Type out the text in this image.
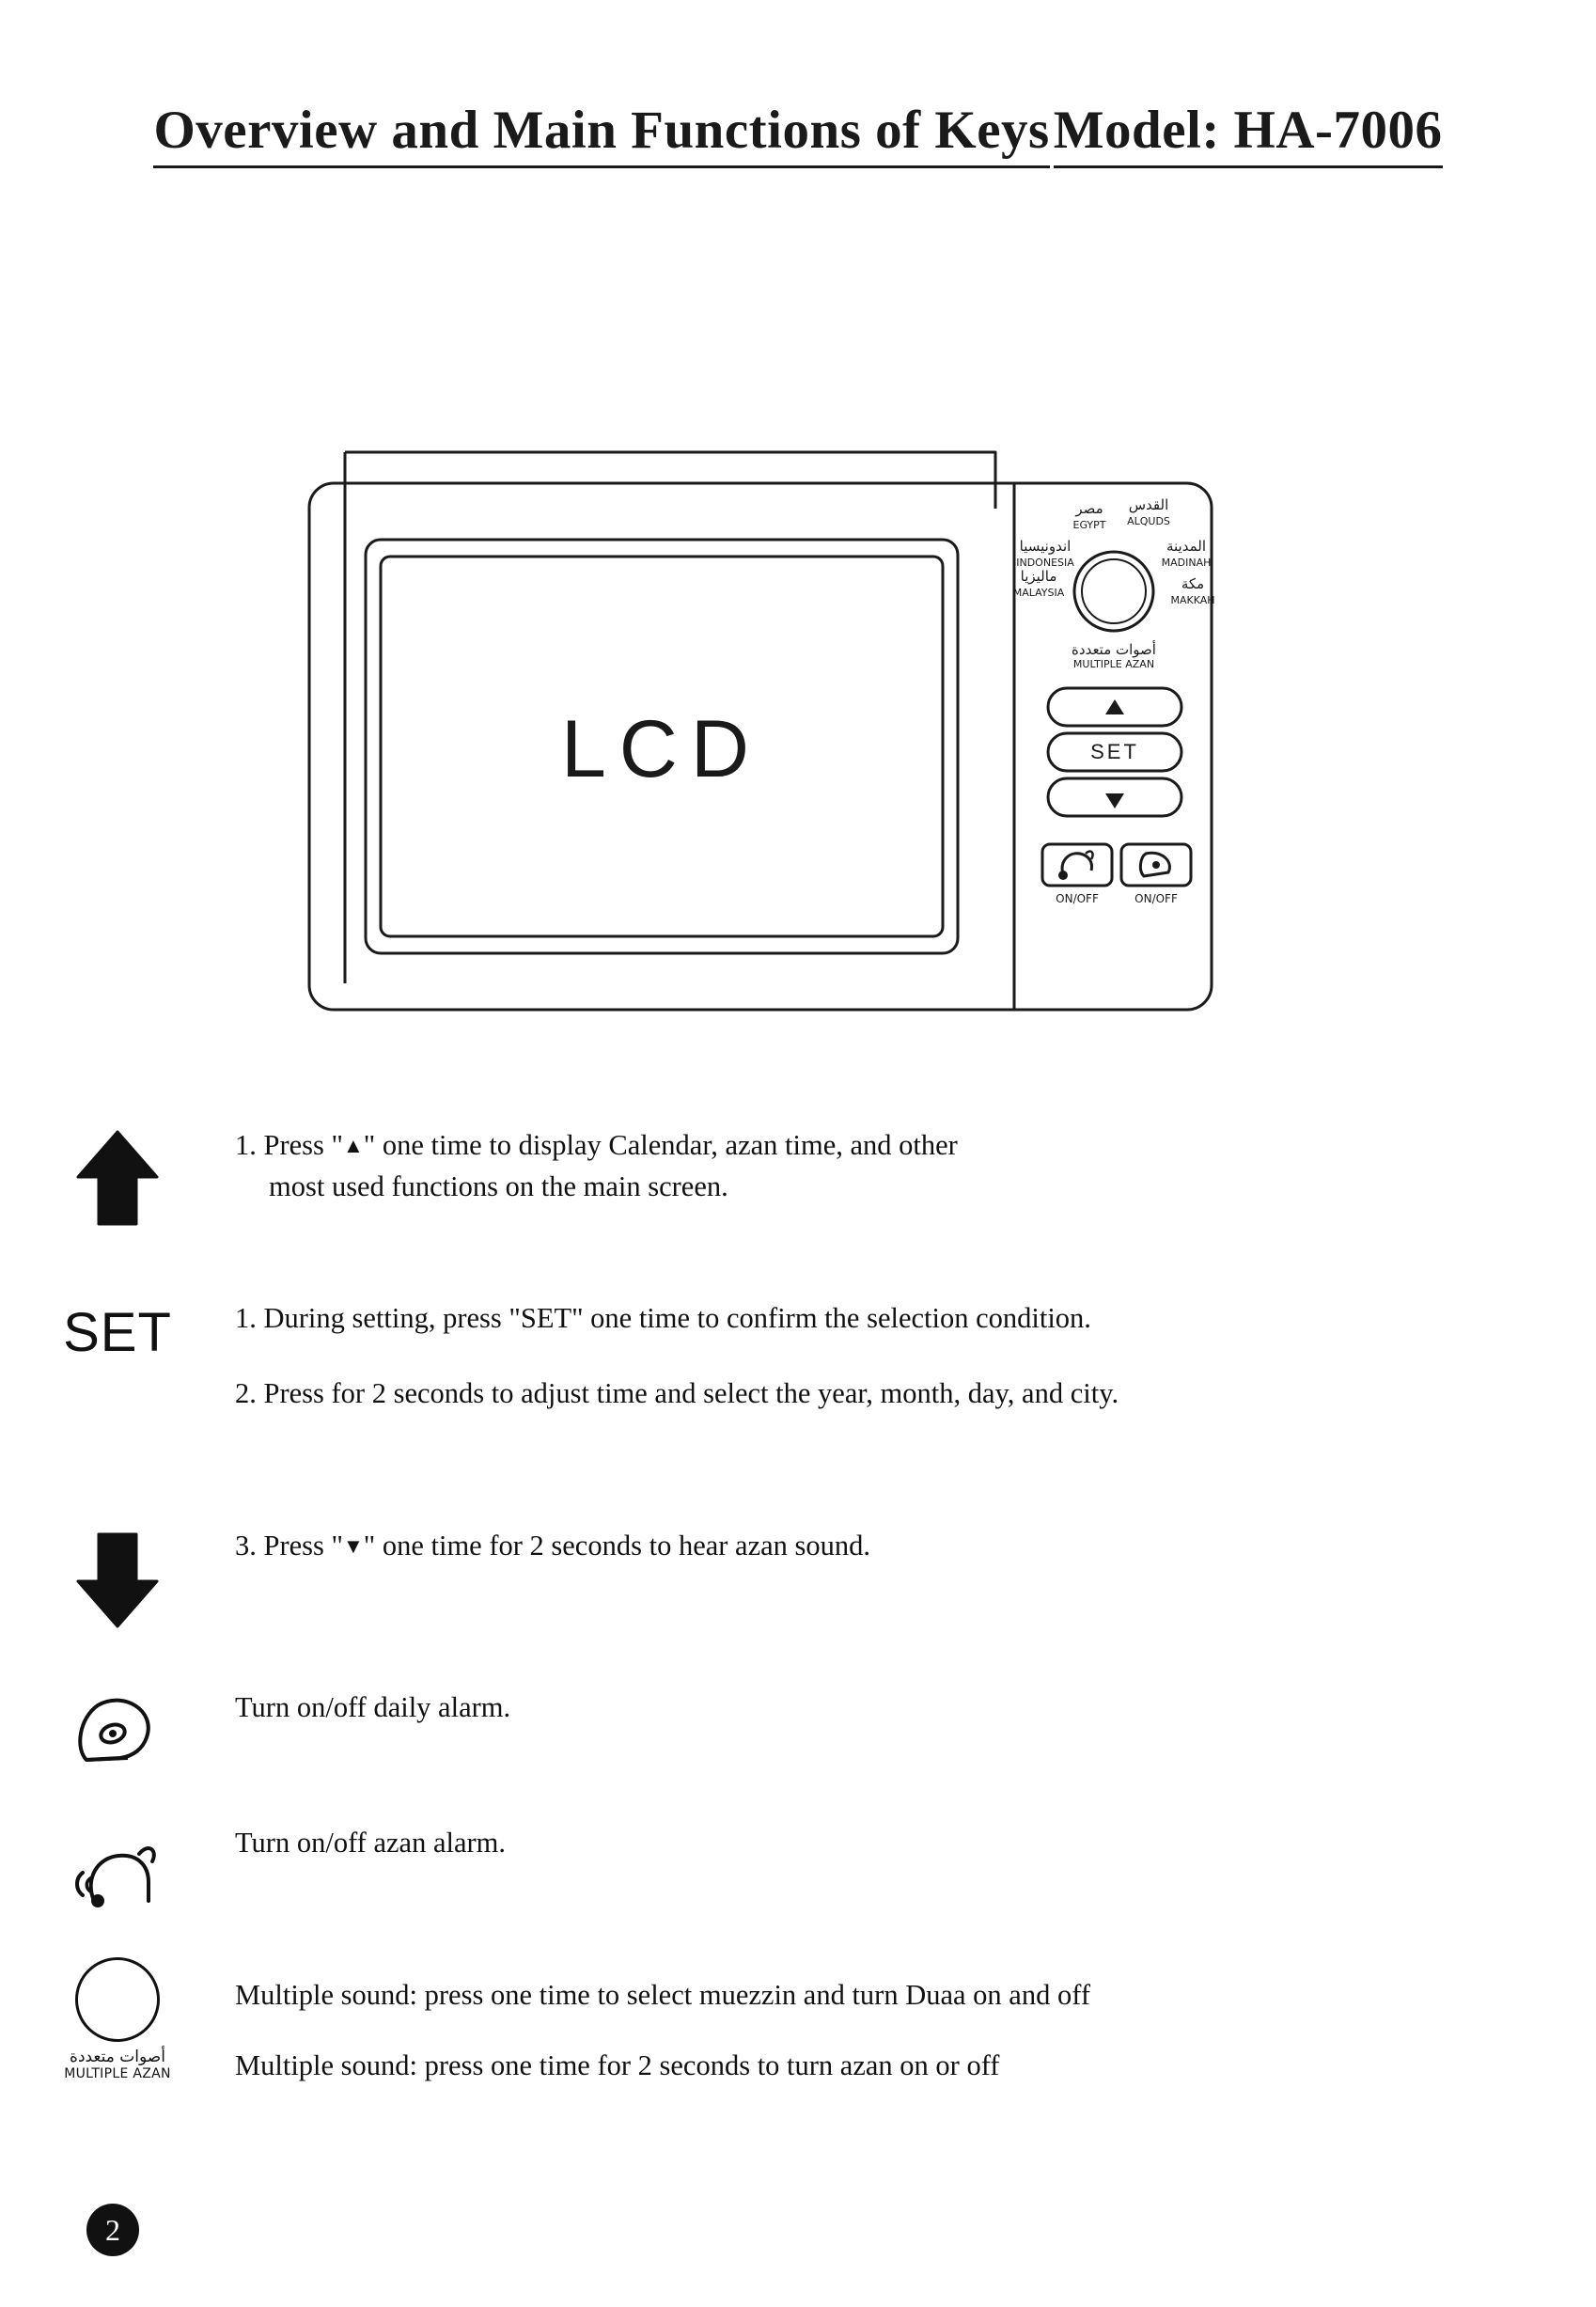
Overview and Main Functions of Keys Model: HA-7006
LCD
مصر
EGYPT
القدس
ALQUDS
المدينة
MADINAH
مكة
MAKKAH
اندونيسيا
INDONESIA
ماليزيا
MALAYSIA
أصوات متعددة
MULTIPLE AZAN
SET
ON/OFF	ON/OFF
1. Press "▲" one time to display Calendar, azan time, and other
most used functions on the main screen.
SET 1. During setting, press "SET" one time to confirm the selection condition.
2. Press for 2 seconds to adjust time and select the year, month, day, and city.
3. Press "▼" one time for 2 seconds to hear azan sound.
Turn on/off daily alarm.
Turn on/off azan alarm.
أصوات متعددة
MULTIPLE AZAN
Multiple sound: press one time to select muezzin and turn Duaa on and off
Multiple sound: press one time for 2 seconds to turn azan on or off
2
